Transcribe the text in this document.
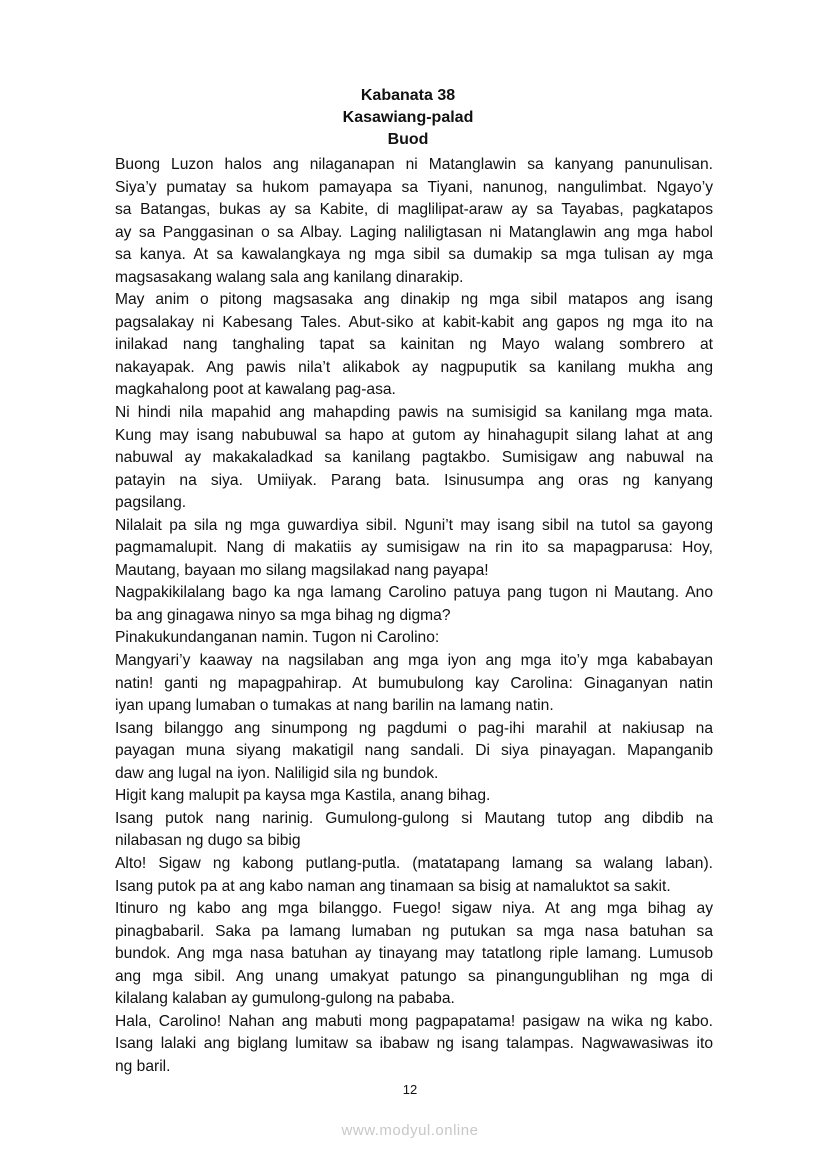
Kabanata 38
Kasawiang-palad
Buod
Buong Luzon halos ang nilaganapan ni Matanglawin sa kanyang panunulisan.
Siya’y pumatay sa hukom pamayapa sa Tiyani, nanunog, nangulimbat. Ngayo’y
sa Batangas, bukas ay sa Kabite, di maglilipat-araw ay sa Tayabas, pagkatapos
ay sa Panggasinan o sa Albay. Laging naliligtasan ni Matanglawin ang mga habol
sa kanya. At sa kawalangkaya ng mga sibil sa dumakip sa mga tulisan ay mga
magsasakang walang sala ang kanilang dinarakip.
May anim o pitong magsasaka ang dinakip ng mga sibil matapos ang isang
pagsalakay ni Kabesang Tales. Abut-siko at kabit-kabit ang gapos ng mga ito na
inilakad nang tanghaling tapat sa kainitan ng Mayo walang sombrero at
nakayapak. Ang pawis nila’t alikabok ay nagpuputik sa kanilang mukha ang
magkahalong poot at kawalang pag-asa.
Ni hindi nila mapahid ang mahapding pawis na sumisigid sa kanilang mga mata.
Kung may isang nabubuwal sa hapo at gutom ay hinahagupit silang lahat at ang
nabuwal ay makakaladkad sa kanilang pagtakbo. Sumisigaw ang nabuwal na
patayin na siya. Umiiyak. Parang bata. Isinusumpa ang oras ng kanyang
pagsilang.
Nilalait pa sila ng mga guwardiya sibil. Nguni’t may isang sibil na tutol sa gayong
pagmamalupit. Nang di makatiis ay sumisigaw na rin ito sa mapagparusa: Hoy,
Mautang, bayaan mo silang magsilakad nang payapa!
Nagpakikilalang bago ka nga lamang Carolino patuya pang tugon ni Mautang. Ano
ba ang ginagawa ninyo sa mga bihag ng digma?
Pinakukundanganan namin. Tugon ni Carolino:
Mangyari’y kaaway na nagsilaban ang mga iyon ang mga ito’y mga kababayan
natin! ganti ng mapagpahirap. At bumubulong kay Carolina: Ginaganyan natin
iyan upang lumaban o tumakas at nang barilin na lamang natin.
Isang bilanggo ang sinumpong ng pagdumi o pag-ihi marahil at nakiusap na
payagan muna siyang makatigil nang sandali. Di siya pinayagan. Mapanganib
daw ang lugal na iyon. Naliligid sila ng bundok.
Higit kang malupit pa kaysa mga Kastila, anang bihag.
Isang putok nang narinig. Gumulong-gulong si Mautang tutop ang dibdib na
nilabasan ng dugo sa bibig
Alto! Sigaw ng kabong putlang-putla. (matatapang lamang sa walang laban).
Isang putok pa at ang kabo naman ang tinamaan sa bisig at namaluktot sa sakit.
Itinuro ng kabo ang mga bilanggo. Fuego! sigaw niya. At ang mga bihag ay
pinagbabaril. Saka pa lamang lumaban ng putukan sa mga nasa batuhan sa
bundok. Ang mga nasa batuhan ay tinayang may tatatlong riple lamang. Lumusob
ang mga sibil. Ang unang umakyat patungo sa pinangungublihan ng mga di
kilalang kalaban ay gumulong-gulong na pababa.
Hala, Carolino! Nahan ang mabuti mong pagpapatama! pasigaw na wika ng kabo.
Isang lalaki ang biglang lumitaw sa ibabaw ng isang talampas. Nagwawasiwas ito
ng baril.
12
www.modyul.online
